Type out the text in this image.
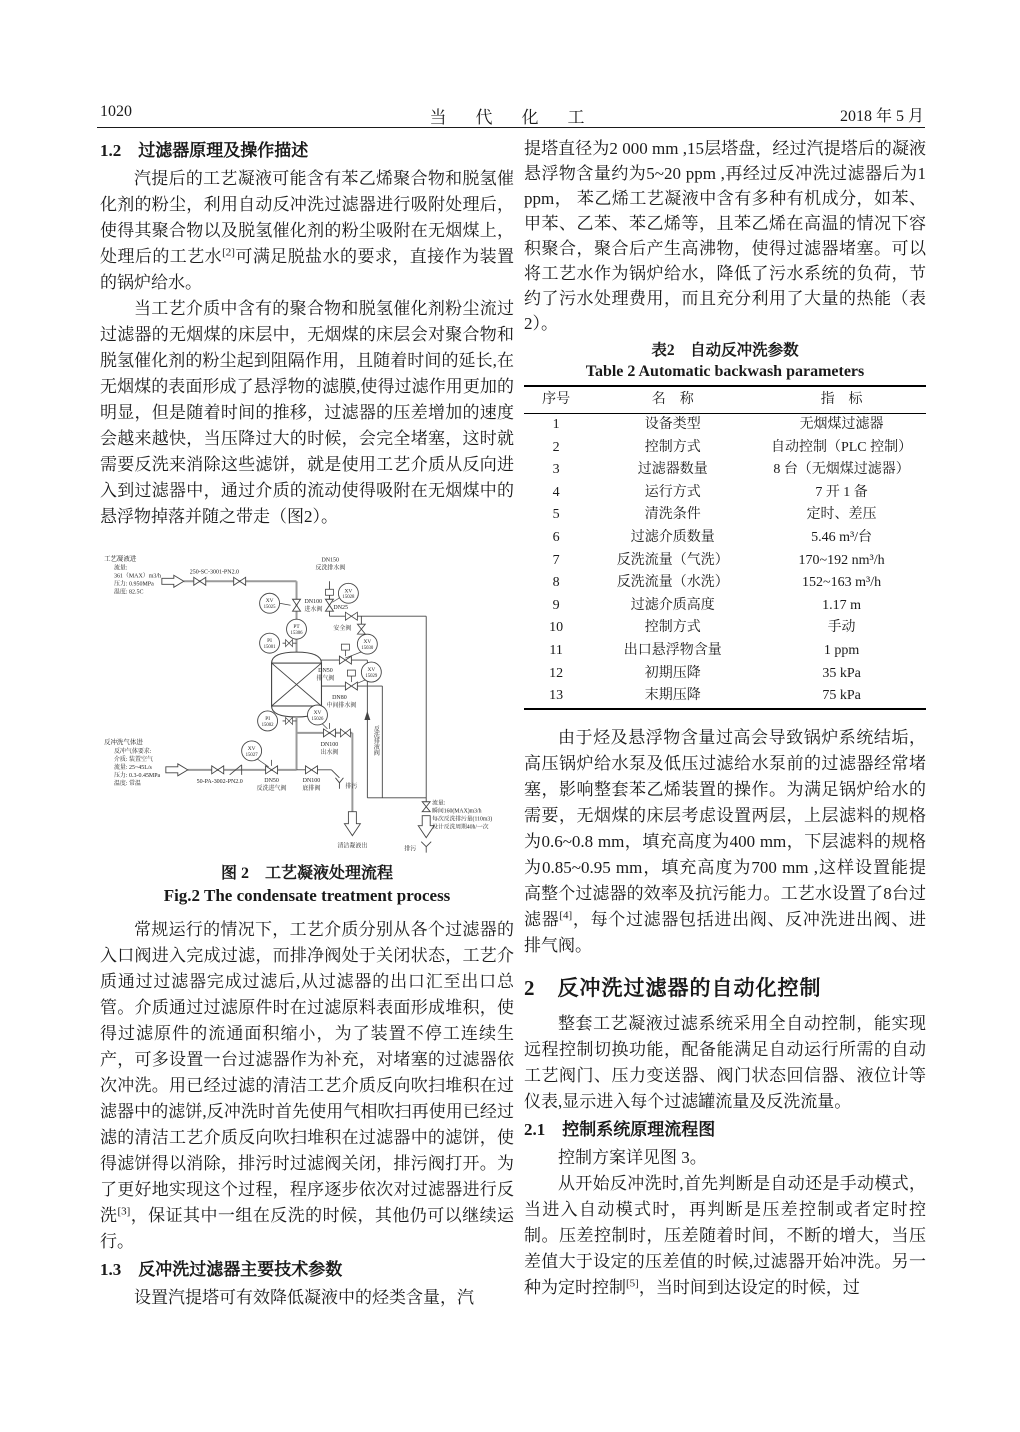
1020	当　代　化　工	2018 年 5 月
1.2　过滤器原理及操作描述

汽提后的工艺凝液可能含有苯乙烯聚合物和脱氢催化剂的粉尘，利用自动反冲洗过滤器进行吸附处理后，使得其聚合物以及脱氢催化剂的粉尘吸附在无烟煤上，处理后的工艺水[2]可满足脱盐水的要求，直接作为装置的锅炉给水。

当工艺介质中含有的聚合物和脱氢催化剂粉尘流过过滤器的无烟煤的床层中，无烟煤的床层会对聚合物和脱氢催化剂的粉尘起到阻隔作用，且随着时间的延长,在无烟煤的表面形成了悬浮物的滤膜,使得过滤作用更加的明显，但是随着时间的推移，过滤器的压差增加的速度会越来越快，当压降过大的时候，会完全堵塞，这时就需要反洗来消除这些滤饼，就是使用工艺介质从反向进入到过滤器中，通过介质的流动使得吸附在无烟煤中的悬浮物掉落并随之带走（图2）。

XV
15025
PT
15306
PI
15001
XV
15028
XV
15030
XV
15029
XV
15026
PI
15002
XV
15027
工艺凝液进
流量:
361（MAX）m3/h
压力: 0.950MPa
温度: 82.5C
250-SC-3001-PN2.0
DN150
反洗排水阀
DN100
进水阀 DN25
安全阀
DN50
排气阀
DN80
中间排水阀
DN100
出水阀
DN50
反洗进气阀
DN100
底排阀
反冲洗气体进
反冲气体要求:
介质: 装置空气
流量: 25~45L/s
压力: 0.3-0.45MPa
温度: 常温	50-PA-3002-PN2.0
反洗排液阀
排污
清洁凝液出	排污
流量:
瞬间160(MAX)m3/h
每次反洗排污量(110m3)
设计反洗周期40h/一次
图 2　工艺凝液处理流程
Fig.2 The condensate treatment process

常规运行的情况下，工艺介质分别从各个过滤器的入口阀进入完成过滤，而排净阀处于关闭状态，工艺介质通过过滤器完成过滤后,从过滤器的出口汇至出口总管。介质通过过滤原件时在过滤原料表面形成堆积，使得过滤原件的流通面积缩小，为了装置不停工连续生产，可多设置一台过滤器作为补充，对堵塞的过滤器依次冲洗。用已经过滤的清洁工艺介质反向吹扫堆积在过滤器中的滤饼,反冲洗时首先使用气相吹扫再使用已经过滤的清洁工艺介质反向吹扫堆积在过滤器中的滤饼，使得滤饼得以消除，排污时过滤阀关闭，排污阀打开。为了更好地实现这个过程，程序逐步依次对过滤器进行反洗[3]，保证其中一组在反洗的时候，其他仍可以继续运行。

1.3　反冲洗过滤器主要技术参数

设置汽提塔可有效降低凝液中的烃类含量，汽

提塔直径为2 000 mm ,15层塔盘，经过汽提塔后的凝液悬浮物含量约为5~20 ppm ,再经过反冲洗过滤器后为1 ppm， 苯乙烯工艺凝液中含有多种有机成分，如苯、甲苯、乙苯、苯乙烯等，且苯乙烯在高温的情况下容积聚合，聚合后产生高沸物，使得过滤器堵塞。可以将工艺水作为锅炉给水，降低了污水系统的负荷，节约了污水处理费用，而且充分利用了大量的热能（表2）。

表2　自动反冲洗参数
Table 2 Automatic backwash parameters
序号	名　称	指　标
1	设备类型	无烟煤过滤器
2	控制方式	自动控制（PLC 控制）
3	过滤器数量	8 台（无烟煤过滤器）
4	运行方式	7 开 1 备
5	清洗条件	定时、差压
6	过滤介质数量	5.46 m³/台
7	反洗流量（气洗）	170~192 nm³/h
8	反洗流量（水洗）	152~163 m³/h
9	过滤介质高度	1.17 m
10	控制方式	手动
11	出口悬浮物含量	1 ppm
12	初期压降	35 kPa
13	末期压降	75 kPa

由于烃及悬浮物含量过高会导致锅炉系统结垢，高压锅炉给水泵及低压过滤给水泵前的过滤器经常堵塞，影响整套苯乙烯装置的操作。为满足锅炉给水的需要，无烟煤的床层考虑设置两层，上层滤料的规格为0.6~0.8 mm，填充高度为400 mm，下层滤料的规格为0.85~0.95 mm，填充高度为700 mm ,这样设置能提高整个过滤器的效率及抗污能力。工艺水设置了8台过滤器[4]，每个过滤器包括进出阀、反冲洗进出阀、进排气阀。

2　反冲洗过滤器的自动化控制

整套工艺凝液过滤系统采用全自动控制，能实现远程控制切换功能，配备能满足自动运行所需的自动工艺阀门、压力变送器、阀门状态回信器、液位计等仪表,显示进入每个过滤罐流量及反洗流量。

2.1　控制系统原理流程图

控制方案详见图 3。

从开始反冲洗时,首先判断是自动还是手动模式，当进入自动模式时，再判断是压差控制或者定时控制。压差控制时，压差随着时间，不断的增大，当压差值大于设定的压差值的时候,过滤器开始冲洗。另一种为定时控制[5]，当时间到达设定的时候，过
